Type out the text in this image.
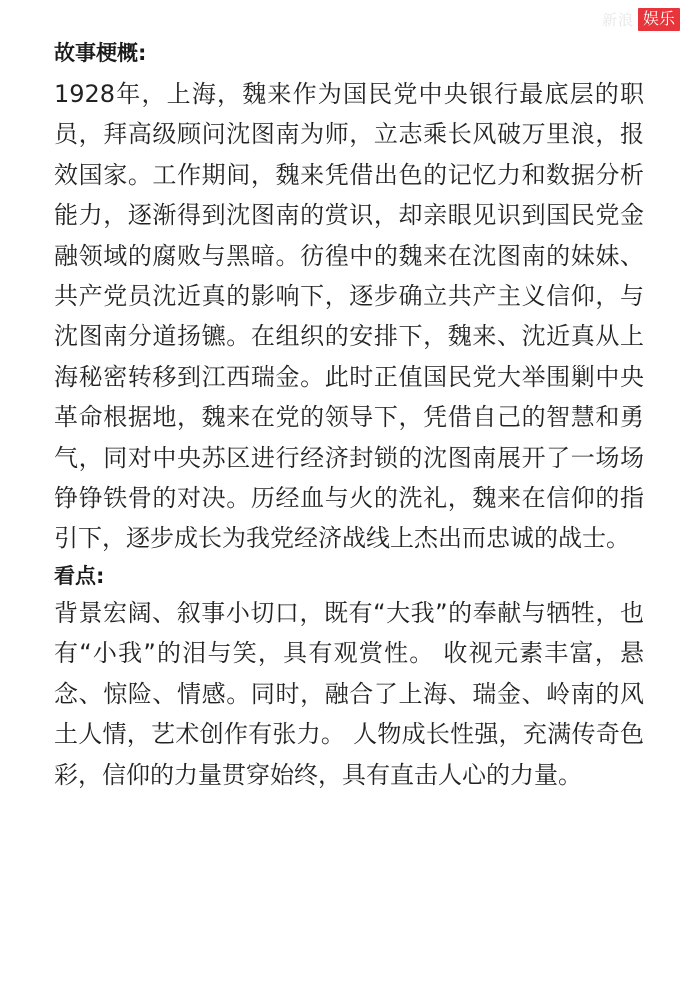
新浪 娱乐

故事梗概:

1928年，上海，魏来作为国民党中央银行最底层的职员，拜高级顾问沈图南为师，立志乘长风破万里浪，报效国家。工作期间，魏来凭借出色的记忆力和数据分析能力，逐渐得到沈图南的赏识，却亲眼见识到国民党金融领域的腐败与黑暗。彷徨中的魏来在沈图南的妹妹、共产党员沈近真的影响下，逐步确立共产主义信仰，与沈图南分道扬镳。在组织的安排下，魏来、沈近真从上海秘密转移到江西瑞金。此时正值国民党大举围剿中央革命根据地，魏来在党的领导下，凭借自己的智慧和勇气，同对中央苏区进行经济封锁的沈图南展开了一场场铮铮铁骨的对决。历经血与火的洗礼，魏来在信仰的指引下，逐步成长为我党经济战线上杰出而忠诚的战士。

看点:

背景宏阔、叙事小切口，既有“大我”的奉献与牺牲，也有“小我”的泪与笑，具有观赏性。 收视元素丰富，悬念、惊险、情感。同时，融合了上海、瑞金、岭南的风土人情，艺术创作有张力。 人物成长性强，充满传奇色彩，信仰的力量贯穿始终，具有直击人心的力量。
